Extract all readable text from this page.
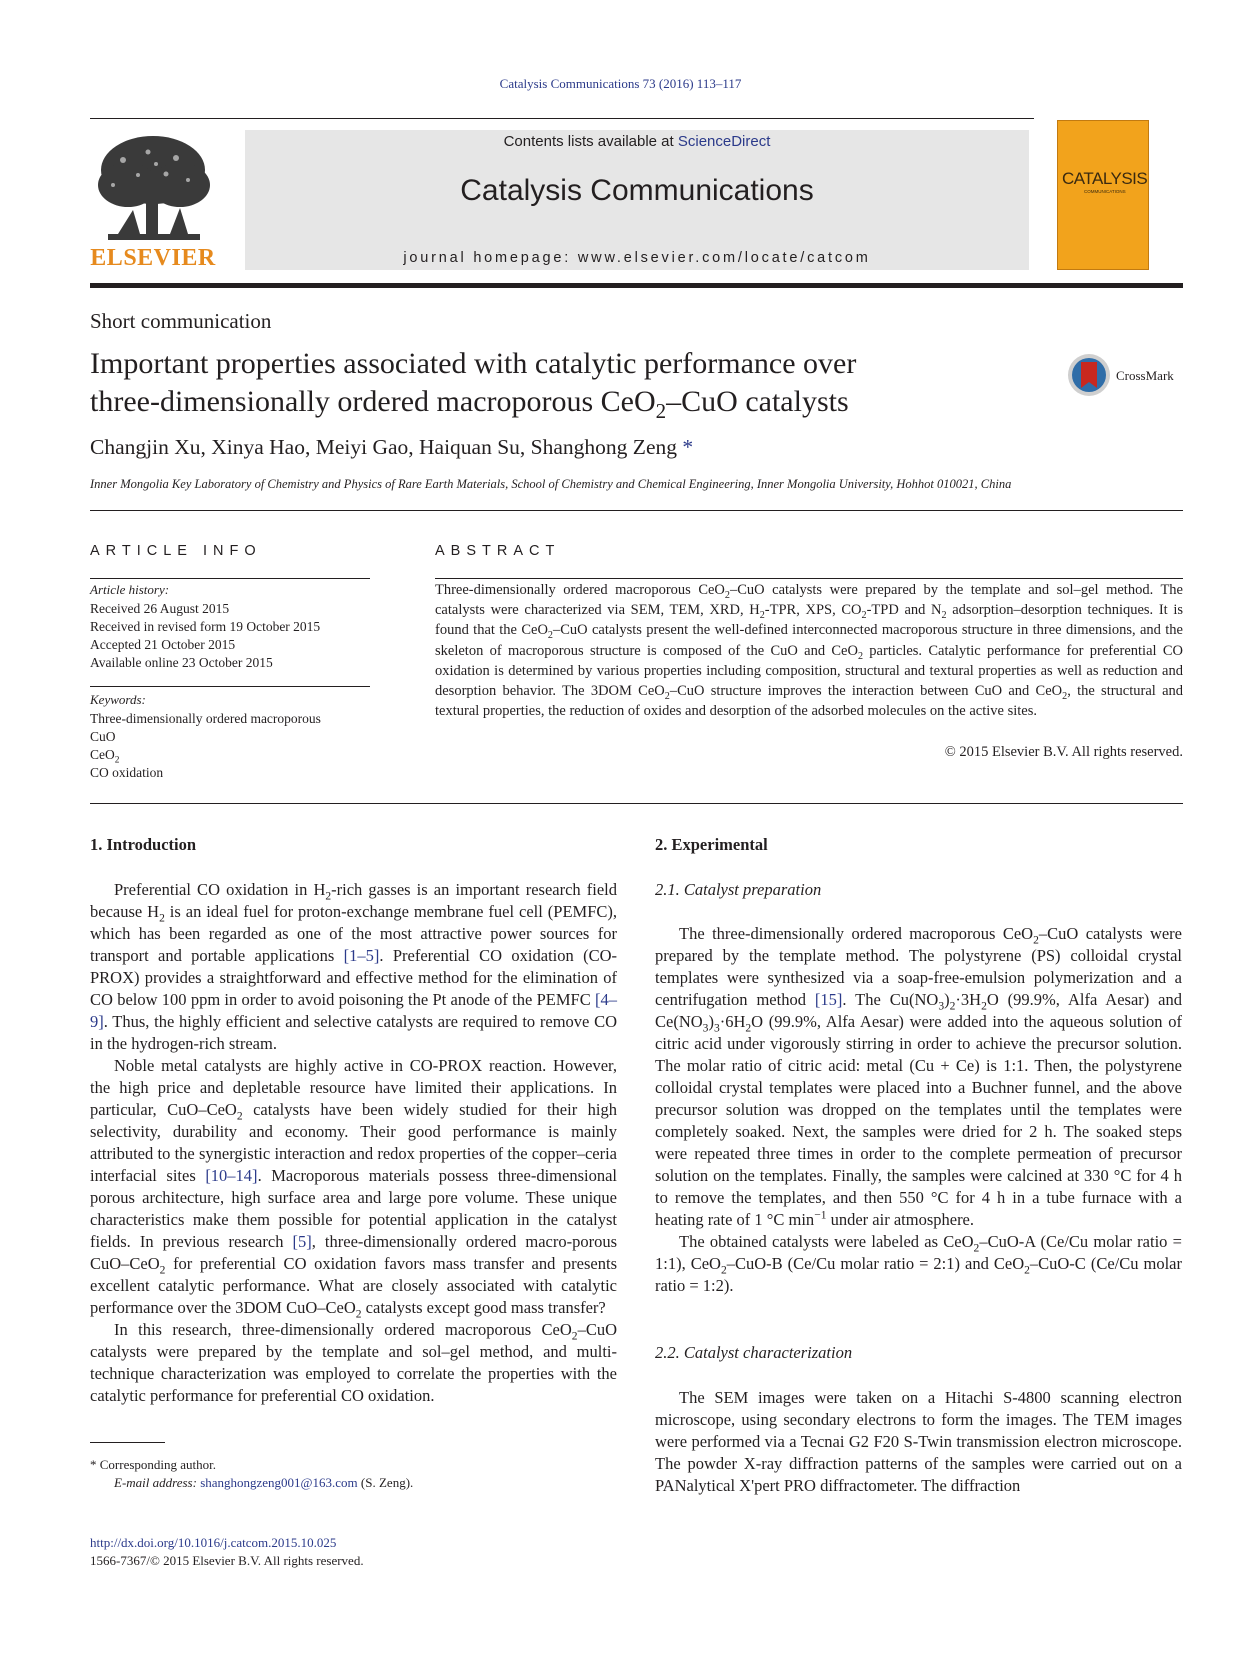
Catalysis Communications 73 (2016) 113–117
Contents lists available at ScienceDirect
Catalysis Communications
journal homepage: www.elsevier.com/locate/catcom
ELSEVIER
CATALYSIS
COMMUNICATIONS
Short communication
Important properties associated with catalytic performance over
three-dimensionally ordered macroporous CeO$_2$–CuO catalysts
CrossMark
Changjin Xu, Xinya Hao, Meiyi Gao, Haiquan Su, Shanghong Zeng *
Inner Mongolia Key Laboratory of Chemistry and Physics of Rare Earth Materials, School of Chemistry and Chemical Engineering, Inner Mongolia University, Hohhot 010021, China
ARTICLE INFO	ABSTRACT
Article history:
Received 26 August 2015
Received in revised form 19 October 2015
Accepted 21 October 2015
Available online 23 October 2015
Keywords:
Three-dimensionally ordered macroporous
CuO
CeO$_2$
CO oxidation
Three-dimensionally ordered macroporous CeO$_2$–CuO catalysts were prepared by the template and sol–gel method. The catalysts were characterized via SEM, TEM, XRD, $H_2$-TPR, XPS, $CO_2$-TPD and $N_2$ adsorption–desorption techniques. It is found that the CeO$_2$–CuO catalysts present the well-defined interconnected macroporous structure in three dimensions, and the skeleton of macroporous structure is composed of the CuO and CeO$_2$ particles. Catalytic performance for preferential CO oxidation is determined by various properties including composition, structural and textural properties as well as reduction and desorption behavior. The 3DOM CeO$_2$–CuO structure improves the interaction between CuO and CeO$_2$, the structural and textural properties, the reduction of oxides and desorption of the adsorbed molecules on the active sites.
© 2015 Elsevier B.V. All rights reserved.
1. Introduction

Preferential CO oxidation in $H_2$-rich gasses is an important research field because $H_2$ is an ideal fuel for proton-exchange membrane fuel cell (PEMFC), which has been regarded as one of the most attractive power sources for transport and portable applications [1–5]. Preferential CO oxidation (CO-PROX) provides a straightforward and effective method for the elimination of CO below 100 ppm in order to avoid poisoning the Pt anode of the PEMFC [4–9]. Thus, the highly efficient and selective catalysts are required to remove CO in the hydrogen-rich stream.

Noble metal catalysts are highly active in CO-PROX reaction. However, the high price and depletable resource have limited their applications. In particular, CuO–CeO$_2$ catalysts have been widely studied for their high selectivity, durability and economy. Their good performance is mainly attributed to the synergistic interaction and redox properties of the copper–ceria interfacial sites [10–14]. Macroporous materials possess three-dimensional porous architecture, high surface area and large pore volume. These unique characteristics make them possible for potential application in the catalyst fields. In previous research [5], three-dimensionally ordered macro-porous CuO–CeO$_2$ for preferential CO oxidation favors mass transfer and presents excellent catalytic performance. What are closely associated with catalytic performance over the 3DOM CuO–CeO$_2$ catalysts except good mass transfer?

In this research, three-dimensionally ordered macroporous CeO$_2$–CuO catalysts were prepared by the template and sol–gel method, and multi-technique characterization was employed to correlate the properties with the catalytic performance for preferential CO oxidation.

2. Experimental
2.1. Catalyst preparation

The three-dimensionally ordered macroporous CeO$_2$–CuO catalysts were prepared by the template method. The polystyrene (PS) colloidal crystal templates were synthesized via a soap-free-emulsion polymerization and a centrifugation method [15]. The $Cu(NO_3)_2\cdot 3H_2O$ (99.9%, Alfa Aesar) and $Ce(NO_3)_3\cdot 6H_2O$ (99.9%, Alfa Aesar) were added into the aqueous solution of citric acid under vigorously stirring in order to achieve the precursor solution. The molar ratio of citric acid: metal (Cu + Ce) is 1:1. Then, the polystyrene colloidal crystal templates were placed into a Buchner funnel, and the above precursor solution was dropped on the templates until the templates were completely soaked. Next, the samples were dried for 2 h. The soaked steps were repeated three times in order to the complete permeation of precursor solution on the templates. Finally, the samples were calcined at 330 °C for 4 h to remove the templates, and then 550 °C for 4 h in a tube furnace with a heating rate of 1 °C $\min^{-1}$ under air atmosphere.

The obtained catalysts were labeled as CeO$_2$–CuO-A (Ce/Cu molar ratio = 1:1), CeO$_2$–CuO-B (Ce/Cu molar ratio = 2:1) and CeO$_2$–CuO-C (Ce/Cu molar ratio = 1:2).

2.2. Catalyst characterization

The SEM images were taken on a Hitachi S-4800 scanning electron microscope, using secondary electrons to form the images. The TEM images were performed via a Tecnai G2 F20 S-Twin transmission electron microscope. The powder X-ray diffraction patterns of the samples were carried out on a PANalytical X'pert PRO diffractometer. The diffraction

* Corresponding author.
E-mail address: shanghongzeng001@163.com (S. Zeng).
http://dx.doi.org/10.1016/j.catcom.2015.10.025
1566-7367/© 2015 Elsevier B.V. All rights reserved.
